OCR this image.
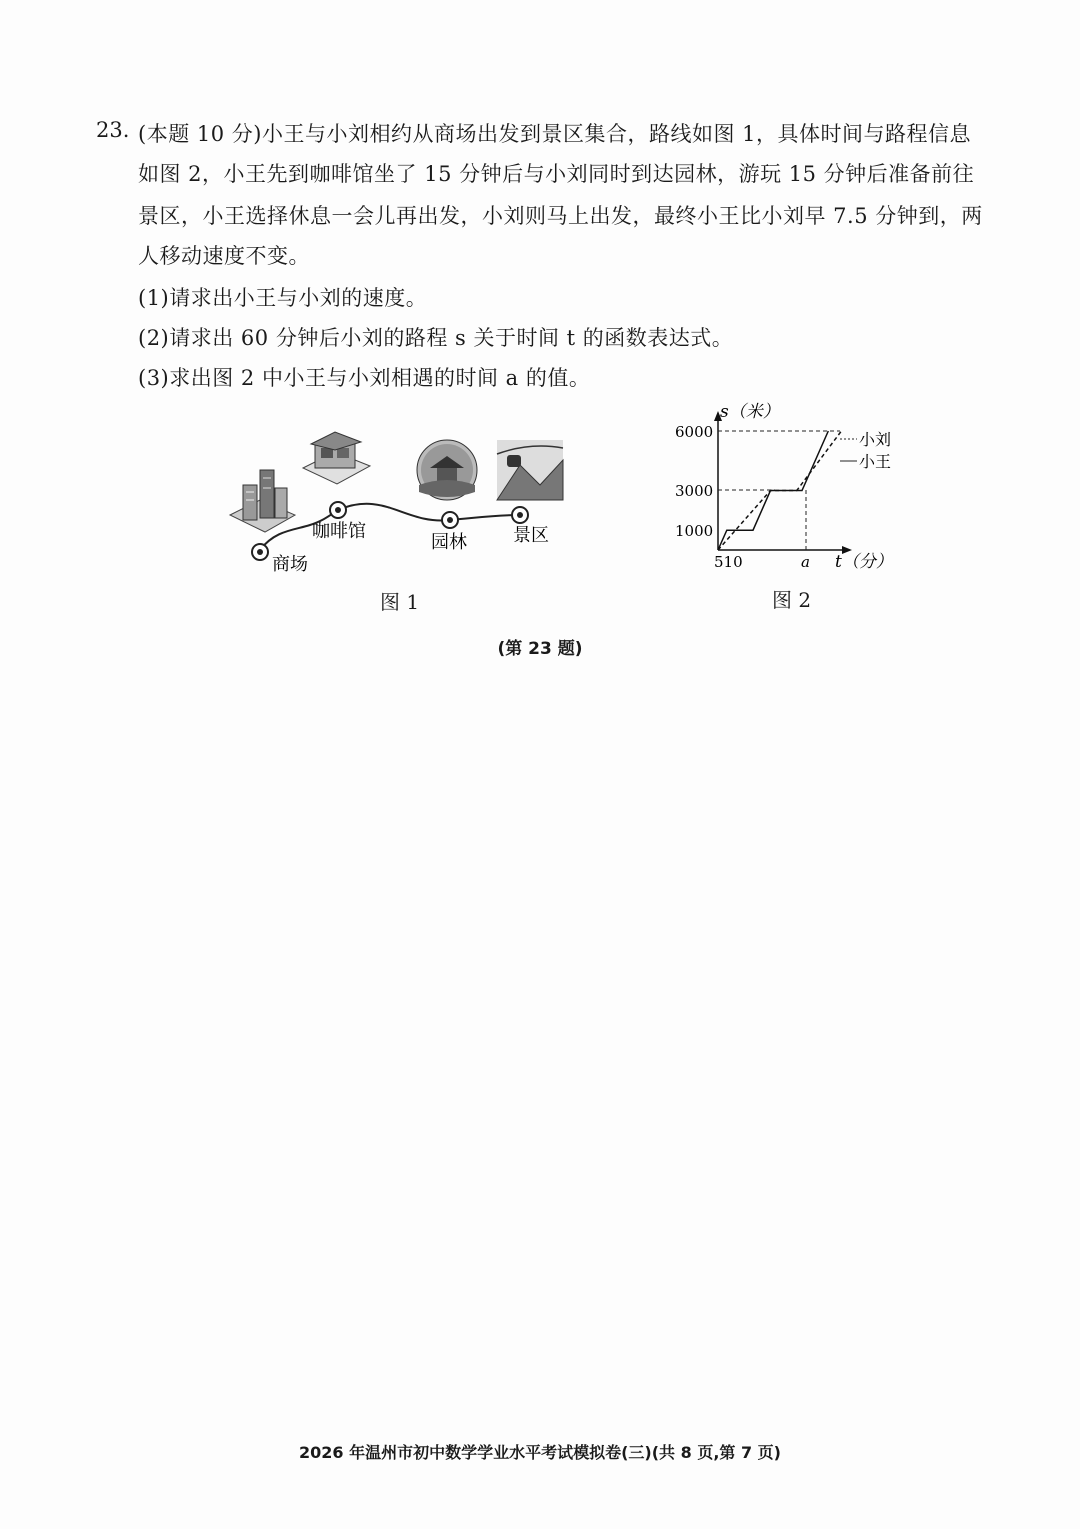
23. (本题 10 分)小王与小刘相约从商场出发到景区集合，路线如图 1，具体时间与路程信息
如图 2，小王先到咖啡馆坐了 15 分钟后与小刘同时到达园林，游玩 15 分钟后准备前往
景区，小王选择休息一会儿再出发，小刘则马上出发，最终小王比小刘早 7.5 分钟到，两
人移动速度不变。
(1)请求出小王与小刘的速度。
(2)请求出 60 分钟后小刘的路程 s 关于时间 t 的函数表达式。
(3)求出图 2 中小王与小刘相遇的时间 a 的值。
商场
咖啡馆
园林	景区
图 1
s（米）
t（分）
6000
3000
1000
510	a
小刘
小王
图 2
(第 23 题)
2026 年温州市初中数学学业水平考试模拟卷(三)(共 8 页,第 7 页)
